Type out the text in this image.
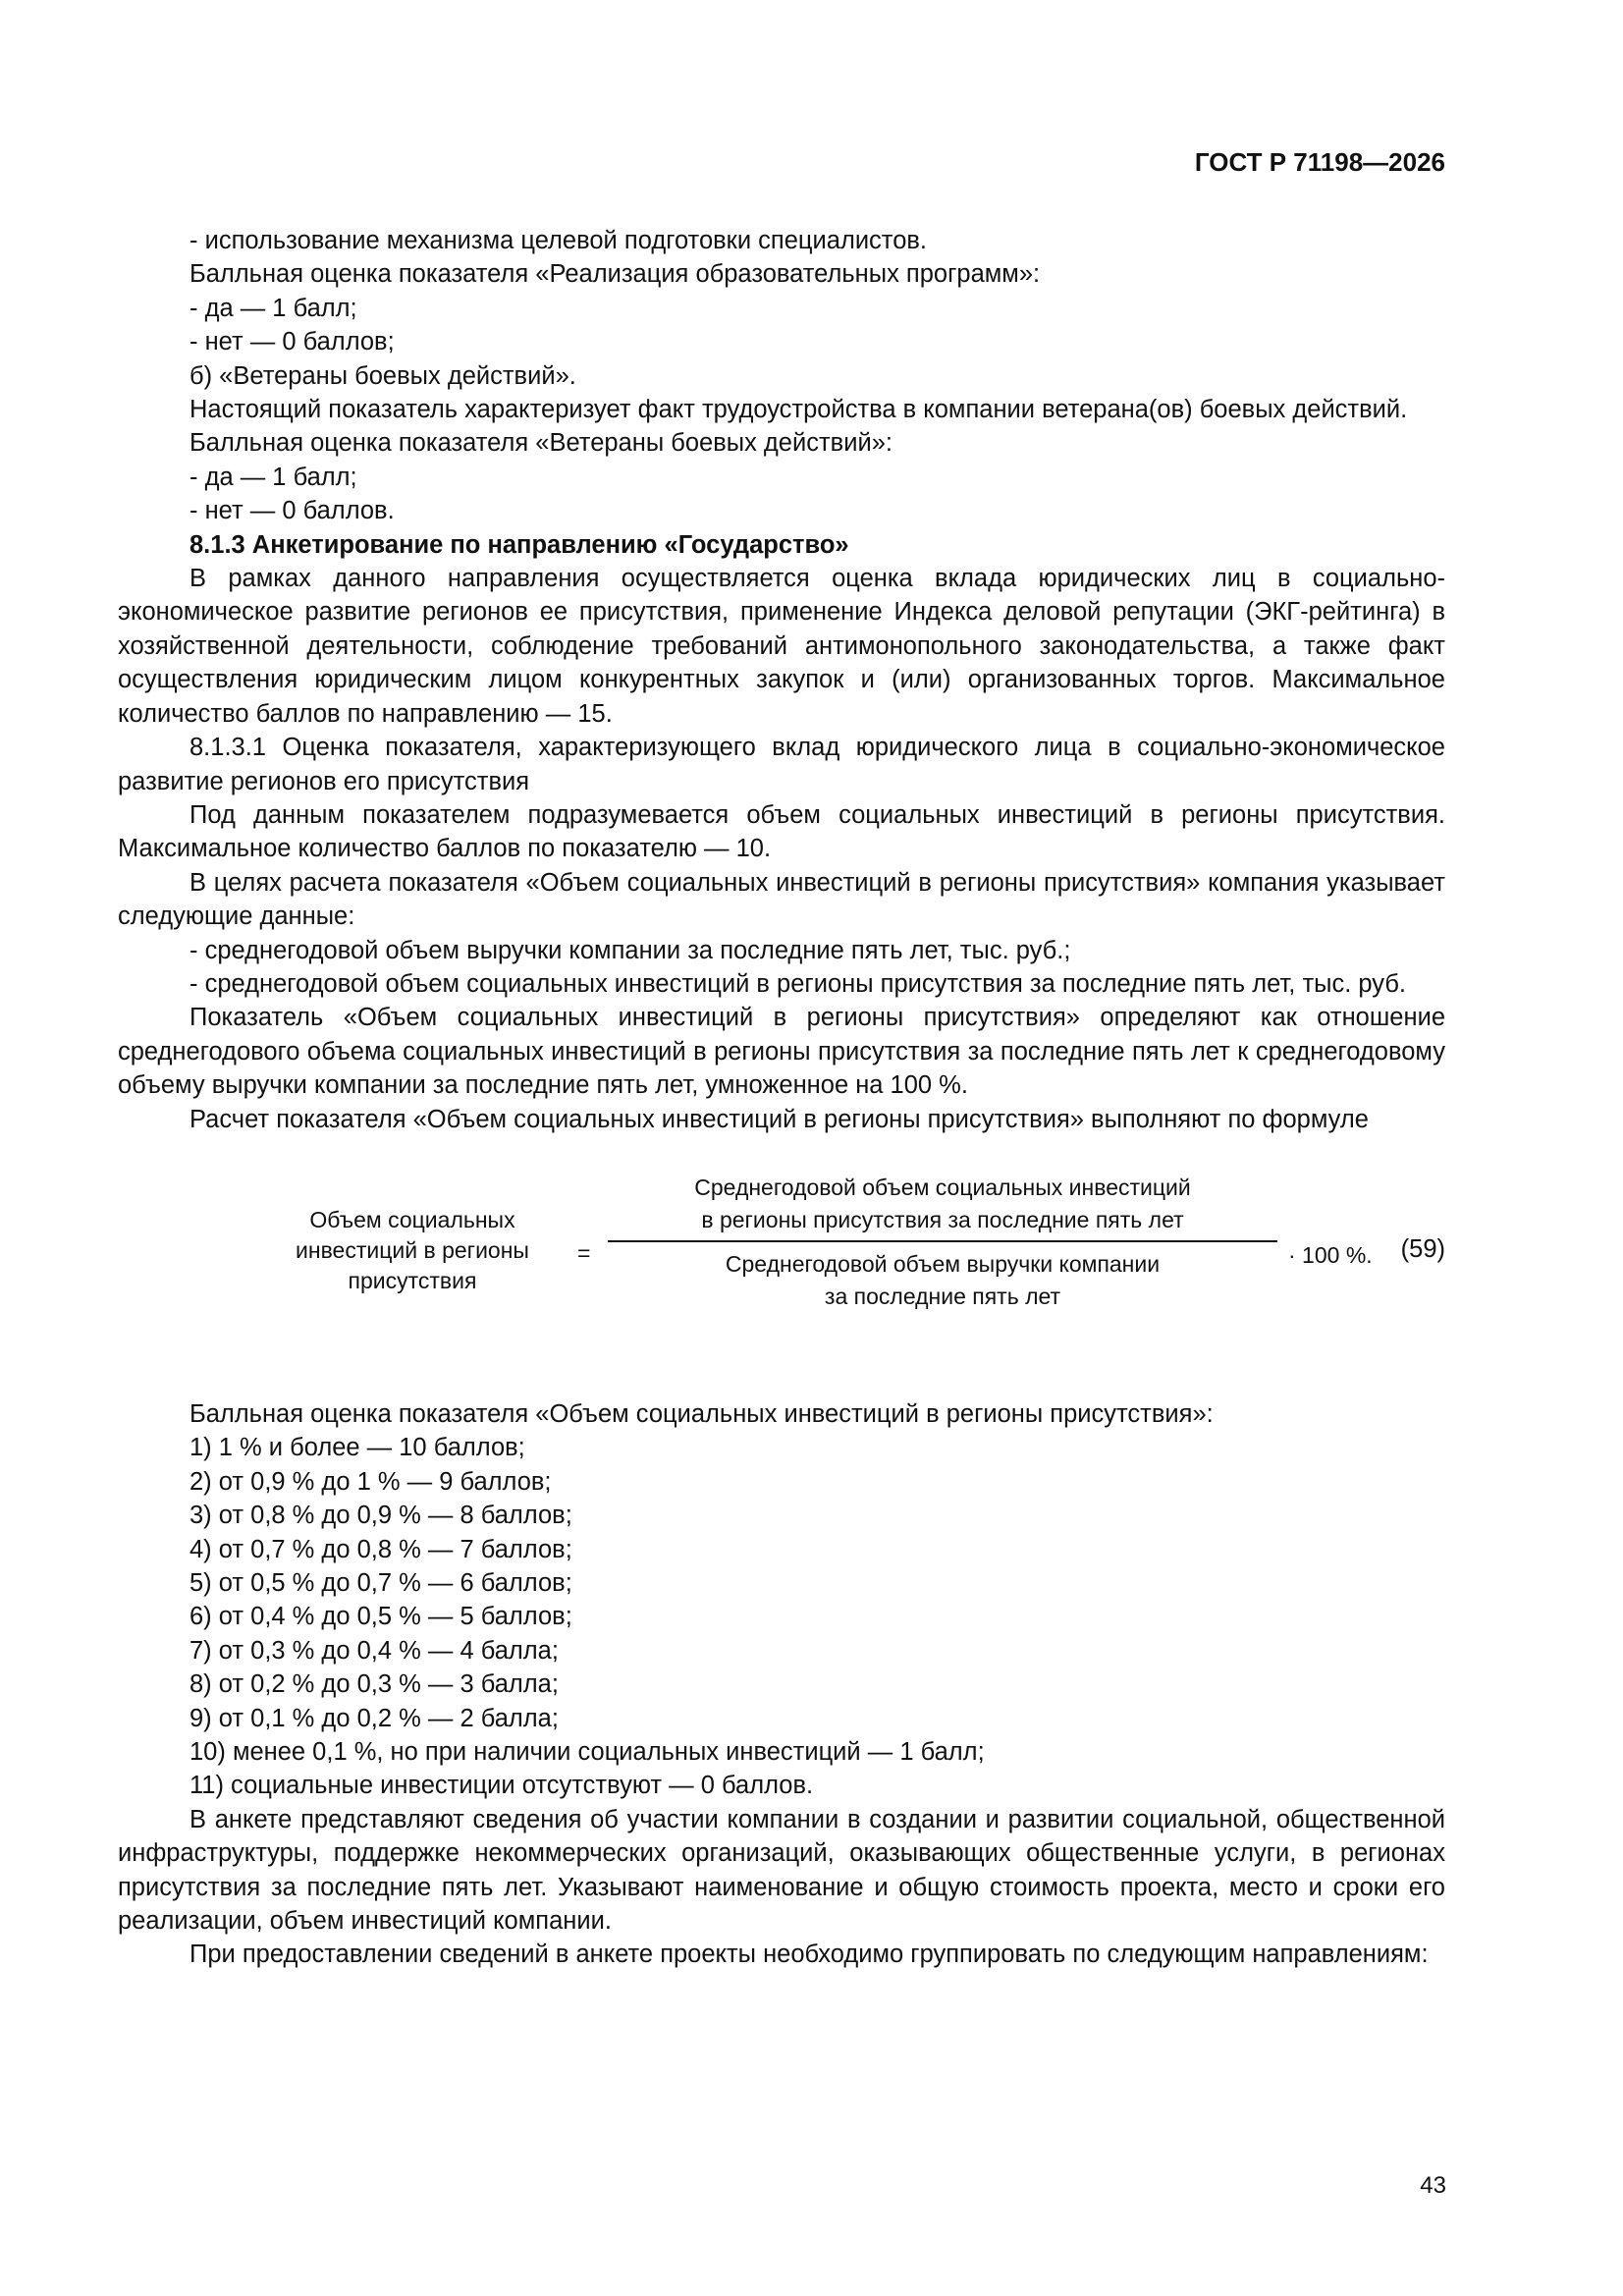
ГОСТ Р 71198—2026

- использование механизма целевой подготовки специалистов.

Балльная оценка показателя «Реализация образовательных программ»:

- да — 1 балл;

- нет — 0 баллов;

б) «Ветераны боевых действий».

Настоящий показатель характеризует факт трудоустройства в компании ветерана(ов) боевых действий.

Балльная оценка показателя «Ветераны боевых действий»:

- да — 1 балл;

- нет — 0 баллов.

8.1.3 Анкетирование по направлению «Государство»

В рамках данного направления осуществляется оценка вклада юридических лиц в социально-экономическое развитие регионов ее присутствия, применение Индекса деловой репутации (ЭКГ-рейтинга) в хозяйственной деятельности, соблюдение требований антимонопольного законодательства, а также факт осуществления юридическим лицом конкурентных закупок и (или) организованных торгов. Максимальное количество баллов по направлению — 15.

8.1.3.1 Оценка показателя, характеризующего вклад юридического лица в социально-экономическое развитие регионов его присутствия

Под данным показателем подразумевается объем социальных инвестиций в регионы присутствия. Максимальное количество баллов по показателю — 10.

В целях расчета показателя «Объем социальных инвестиций в регионы присутствия» компания указывает следующие данные:

- среднегодовой объем выручки компании за последние пять лет, тыс. руб.;

- среднегодовой объем социальных инвестиций в регионы присутствия за последние пять лет, тыс. руб.

Показатель «Объем социальных инвестиций в регионы присутствия» определяют как отношение среднегодового объема социальных инвестиций в регионы присутствия за последние пять лет к среднегодовому объему выручки компании за последние пять лет, умноженное на 100 %.

Расчет показателя «Объем социальных инвестиций в регионы присутствия» выполняют по формуле

Объем социальных
инвестиций в регионы
присутствия
=
Среднегодовой объем социальных инвестиций
в регионы присутствия за последние пять лет
Среднегодовой объем выручки компании
за последние пять лет
· 100 %. (59)

Балльная оценка показателя «Объем социальных инвестиций в регионы присутствия»:

1) 1 % и более — 10 баллов;

2) от 0,9 % до 1 % — 9 баллов;

3) от 0,8 % до 0,9 % — 8 баллов;

4) от 0,7 % до 0,8 % — 7 баллов;

5) от 0,5 % до 0,7 % — 6 баллов;

6) от 0,4 % до 0,5 % — 5 баллов;

7) от 0,3 % до 0,4 % — 4 балла;

8) от 0,2 % до 0,3 % — 3 балла;

9) от 0,1 % до 0,2 % — 2 балла;

10) менее 0,1 %, но при наличии социальных инвестиций — 1 балл;

11) социальные инвестиции отсутствуют — 0 баллов.

В анкете представляют сведения об участии компании в создании и развитии социальной, общественной инфраструктуры, поддержке некоммерческих организаций, оказывающих общественные услуги, в регионах присутствия за последние пять лет. Указывают наименование и общую стоимость проекта, место и сроки его реализации, объем инвестиций компании.

При предоставлении сведений в анкете проекты необходимо группировать по следующим направлениям:

43
